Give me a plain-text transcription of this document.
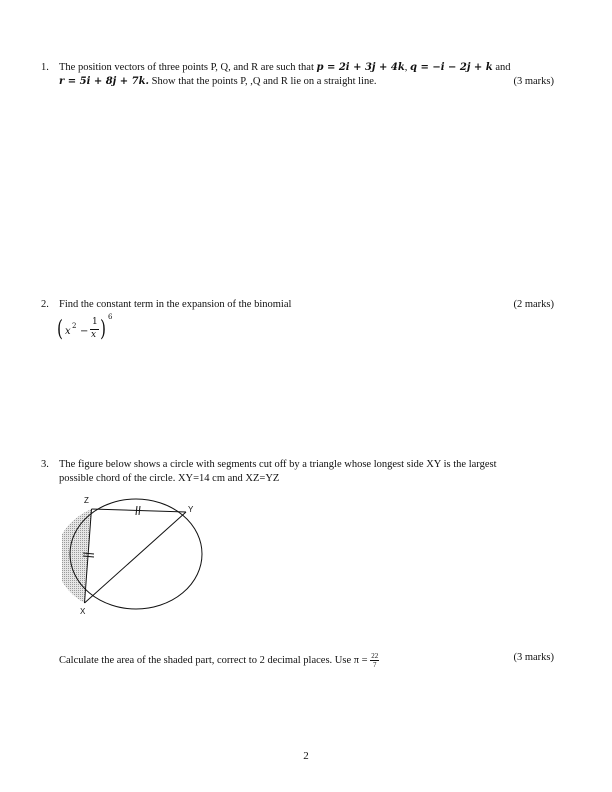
1. The position vectors of three points P, Q, and R are such that p = 2i + 3j + 4k, q = −i − 2j + k and
r = 5i + 8j + 7k. Show that the points P, ,Q and R lie on a straight line.	(3 marks)
2. Find the constant term in the expansion of the binomial	(2 marks)
( x 2 −
1
x ) 6
3. The figure below shows a circle with segments cut off by a triangle whose longest side XY is the largest
possible chord of the circle. XY=14 cm and XZ=YZ
Z
Y
X
Calculate the area of the shaded part, correct to 2 decimal places. Use $\pi = \frac{22}{7}$	(3 marks)
2
